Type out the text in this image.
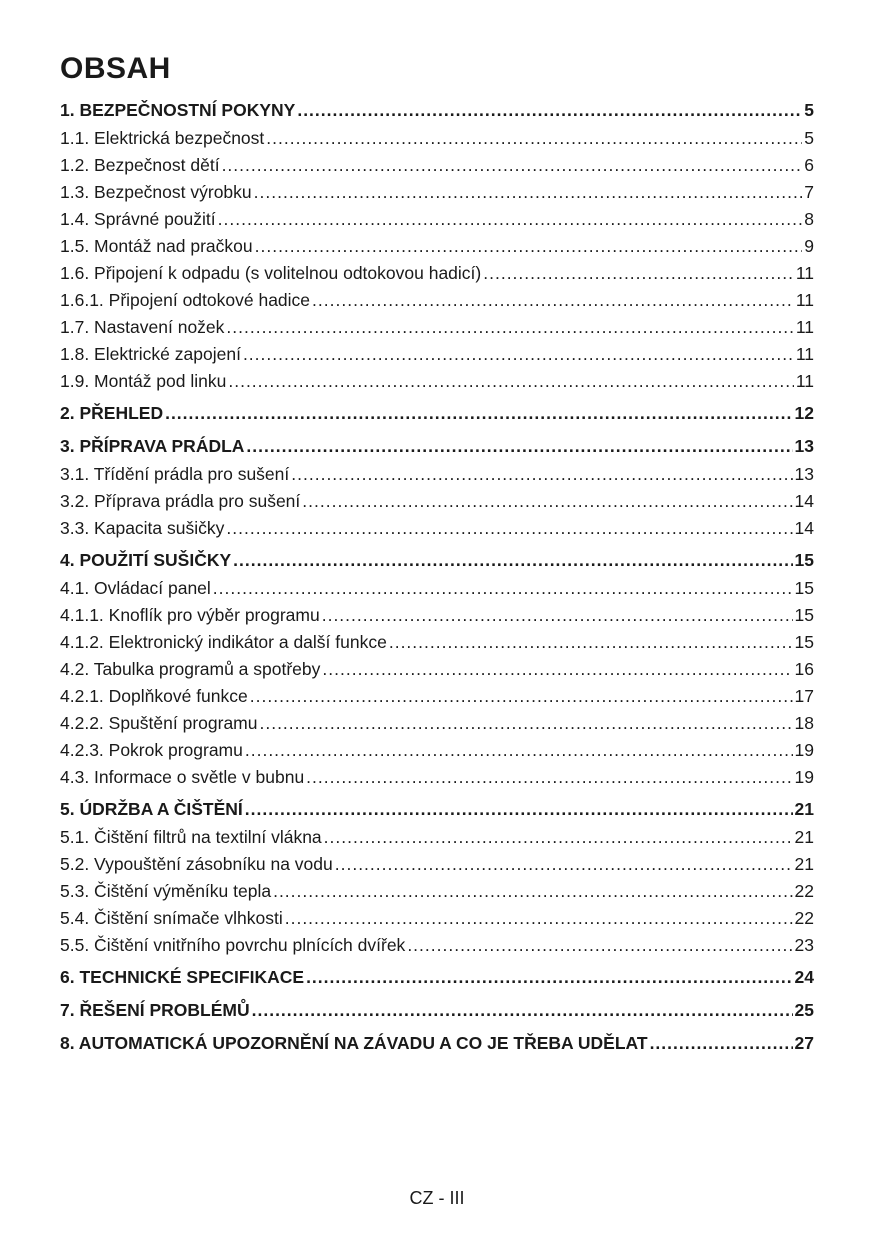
OBSAH
1. BEZPEČNOSTNÍ POKYNY .....	5
1.1. Elektrická bezpečnost .....	5
1.2. Bezpečnost dětí .....	6
1.3. Bezpečnost výrobku .....	7
1.4. Správné použití .....	8
1.5. Montáž nad pračkou .....	9
1.6. Připojení k odpadu (s volitelnou odtokovou hadicí) .....	11
1.6.1. Připojení odtokové hadice .....	11
1.7. Nastavení nožek .....	11
1.8. Elektrické zapojení .....	11
1.9. Montáž pod linku .....	11
2. PŘEHLED .....	12
3. PŘÍPRAVA PRÁDLA .....	13
3.1. Třídění prádla pro sušení .....	13
3.2. Příprava prádla pro sušení .....	14
3.3. Kapacita sušičky .....	14
4. POUŽITÍ SUŠIČKY .....	15
4.1. Ovládací panel .....	15
4.1.1. Knoflík pro výběr programu .....	15
4.1.2. Elektronický indikátor a další funkce .....	15
4.2. Tabulka programů a spotřeby .....	16
4.2.1. Doplňkové funkce .....	17
4.2.2. Spuštění programu .....	18
4.2.3. Pokrok programu .....	19
4.3. Informace o světle v bubnu .....	19
5. ÚDRŽBA A ČIŠTĚNÍ .....	21
5.1. Čištění filtrů na textilní vlákna .....	21
5.2. Vypouštění zásobníku na vodu .....	21
5.3. Čištění výměníku tepla .....	22
5.4. Čištění snímače vlhkosti .....	22
5.5. Čištění vnitřního povrchu plnících dvířek .....	23
6. TECHNICKÉ SPECIFIKACE .....	24
7. ŘEŠENÍ PROBLÉMŮ .....	25
8. AUTOMATICKÁ UPOZORNĚNÍ NA ZÁVADU A CO JE TŘEBA UDĚLAT .....	27
CZ - III
